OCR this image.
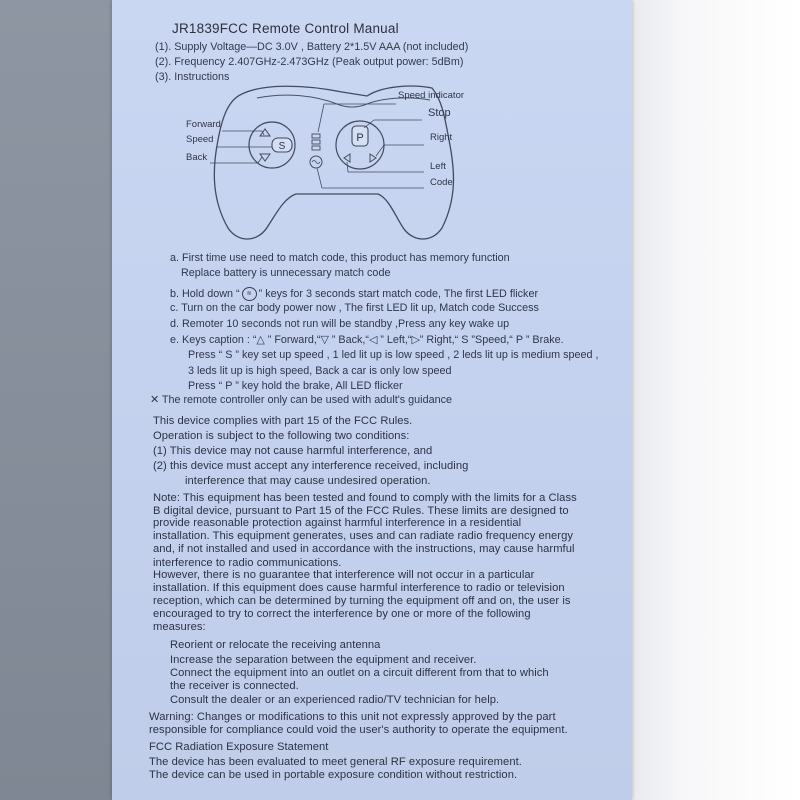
JR1839FCC Remote Control Manual
(1). Supply Voltage—DC 3.0V , Battery 2*1.5V AAA (not included)
(2). Frequency 2.407GHz-2.473GHz (Peak output power: 5dBm)
(3). Instructions
S
P
Speed indicator
Stop
Right
Left
Code
Forward
Speed
Back
a. First time use need to match code, this product has memory function
Replace battery is unnecessary match code
b. Hold down “ ≋ ” keys for 3 seconds start match code, The first LED flicker
c. Turn on the car body power now , The first LED lit up, Match code Success
d. Remoter 10 seconds not run will be standby ,Press any key wake up
e. Keys caption : “△ ” Forward,“▽ ” Back,“◁ ” Left,“▷” Right,“ S ”Speed,“ P ” Brake.
Press “ S ” key set up speed , 1 led lit up is low speed , 2 leds lit up is medium speed ,
3 leds lit up is high speed, Back a car is only low speed
Press “ P ” key hold the brake, All LED flicker
✕ The remote controller only can be used with adult's guidance
This device complies with part 15 of the FCC Rules.
Operation is subject to the following two conditions:
(1) This device may not cause harmful interference, and
(2) this device must accept any interference received, including
interference that may cause undesired operation.
Note: This equipment has been tested and found to comply with the limits for a Class
B digital device, pursuant to Part 15 of the FCC Rules. These limits are designed to
provide reasonable protection against harmful interference in a residential
installation. This equipment generates, uses and can radiate radio frequency energy
and, if not installed and used in accordance with the instructions, may cause harmful
interference to radio communications.
However, there is no guarantee that interference will not occur in a particular
installation. If this equipment does cause harmful interference to radio or television
reception, which can be determined by turning the equipment off and on, the user is
encouraged to try to correct the interference by one or more of the following
measures:
Reorient or relocate the receiving antenna
Increase the separation between the equipment and receiver.
Connect the equipment into an outlet on a circuit different from that to which
the receiver is connected.
Consult the dealer or an experienced radio/TV technician for help.
Warning: Changes or modifications to this unit not expressly approved by the part
responsible for compliance could void the user's authority to operate the equipment.
FCC Radiation Exposure Statement
The device has been evaluated to meet general RF exposure requirement.
The device can be used in portable exposure condition without restriction.
